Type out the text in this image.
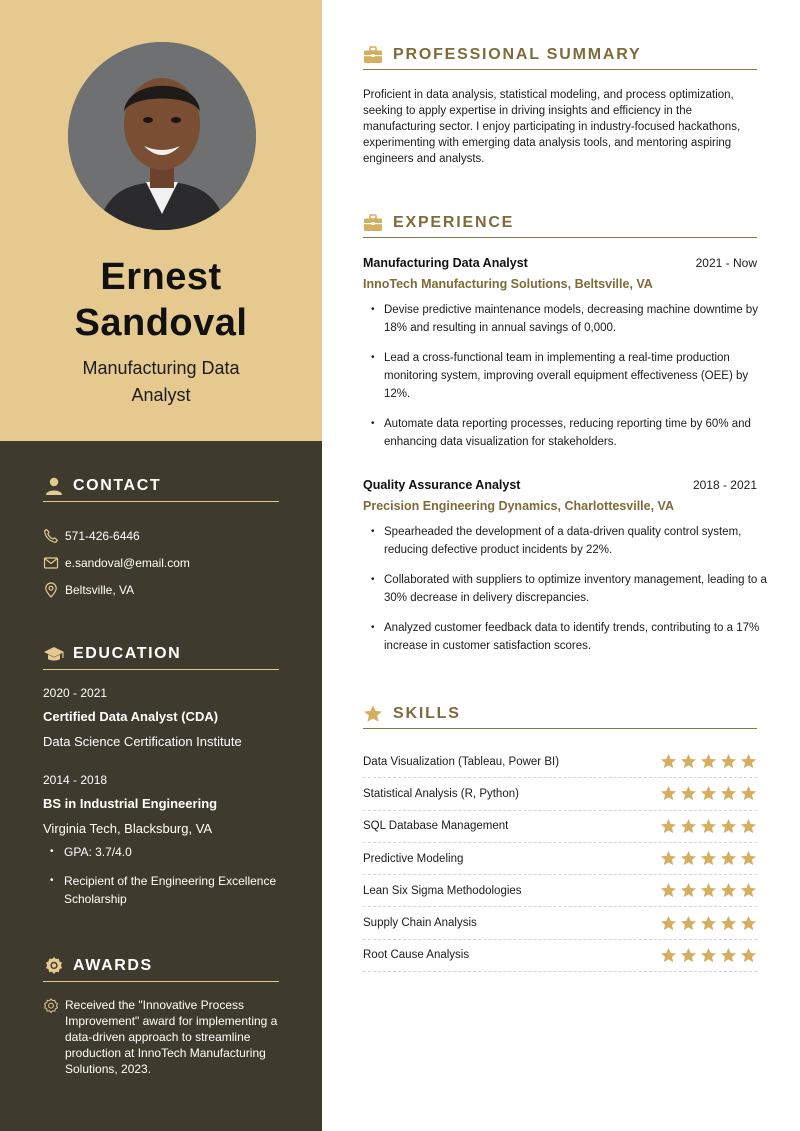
Ernest
Sandoval
Manufacturing Data
Analyst
CONTACT
571-426-6446
e.sandoval@email.com
Beltsville, VA
EDUCATION
2020 - 2021
Certified Data Analyst (CDA)
Data Science Certification Institute
2014 - 2018
BS in Industrial Engineering
Virginia Tech, Blacksburg, VA
• GPA: 3.7/4.0
• Recipient of the Engineering Excellence Scholarship
AWARDS
Received the "Innovative Process Improvement" award for implementing a data-driven approach to streamline production at InnoTech Manufacturing Solutions, 2023.
PROFESSIONAL SUMMARY
Proficient in data analysis, statistical modeling, and process optimization, seeking to apply expertise in driving insights and efficiency in the manufacturing sector. I enjoy participating in industry-focused hackathons, experimenting with emerging data analysis tools, and mentoring aspiring engineers and analysts.
EXPERIENCE
Manufacturing Data Analyst	2021 - Now
InnoTech Manufacturing Solutions, Beltsville, VA
• Devise predictive maintenance models, decreasing machine downtime by 18% and resulting in annual savings of 0,000.
• Lead a cross-functional team in implementing a real-time production monitoring system, improving overall equipment effectiveness (OEE) by 12%.
• Automate data reporting processes, reducing reporting time by 60% and enhancing data visualization for stakeholders.
Quality Assurance Analyst	2018 - 2021
Precision Engineering Dynamics, Charlottesville, VA
• Spearheaded the development of a data-driven quality control system, reducing defective product incidents by 22%.
• Collaborated with suppliers to optimize inventory management, leading to a 30% decrease in delivery discrepancies.
• Analyzed customer feedback data to identify trends, contributing to a 17% increase in customer satisfaction scores.
SKILLS
Data Visualization (Tableau, Power BI)
Statistical Analysis (R, Python)
SQL Database Management
Predictive Modeling
Lean Six Sigma Methodologies
Supply Chain Analysis
Root Cause Analysis
